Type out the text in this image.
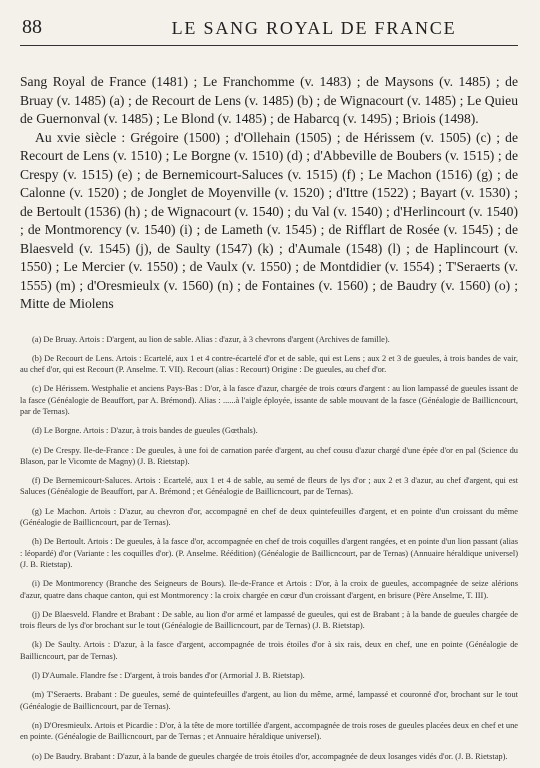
88	LE SANG ROYAL DE FRANCE

Sang Royal de France (1481) ; Le Franchomme (v. 1483) ; de Maysons (v. 1485) ; de Bruay (v. 1485) (a) ; de Recourt de Lens (v. 1485) (b) ; de Wignacourt (v. 1485) ; Le Quieu de Guernonval (v. 1485) ; Le Blond (v. 1485) ; de Habarcq (v. 1495) ; Briois (1498).

Au xvie siècle : Grégoire (1500) ; d'Ollehain (1505) ; de Hérissem (v. 1505) (c) ; de Recourt de Lens (v. 1510) ; Le Borgne (v. 1510) (d) ; d'Abbeville de Boubers (v. 1515) ; de Crespy (v. 1515) (e) ; de Bernemicourt-Saluces (v. 1515) (f) ; Le Machon (1516) (g) ; de Calonne (v. 1520) ; de Jonglet de Moyenville (v. 1520) ; d'Ittre (1522) ; Bayart (v. 1530) ; de Bertoult (1536) (h) ; de Wignacourt (v. 1540) ; du Val (v. 1540) ; d'Herlincourt (v. 1540) ; de Montmorency (v. 1540) (i) ; de Lameth (v. 1545) ; de Rifflart de Rosée (v. 1545) ; de Blaesveld (v. 1545) (j), de Saulty (1547) (k) ; d'Aumale (1548) (l) ; de Haplincourt (v. 1550) ; Le Mercier (v. 1550) ; de Vaulx (v. 1550) ; de Montdidier (v. 1554) ; T'Seraerts (v. 1555) (m) ; d'Oresmieulx (v. 1560) (n) ; de Fontaines (v. 1560) ; de Baudry (v. 1560) (o) ; Mitte de Miolens

(a) De Bruay. Artois : D'argent, au lion de sable. Alias : d'azur, à 3 chevrons d'argent (Archives de famille).

(b) De Recourt de Lens. Artois : Ecartelé, aux 1 et 4 contre-écartelé d'or et de sable, qui est Lens ; aux 2 et 3 de gueules, à trois bandes de vair, au chef d'or, qui est Recourt (P. Anselme. T. VII). Recourt (alias : Recourt) Origine : De gueules, au chef d'or.

(c) De Hérissem. Westphalie et anciens Pays-Bas : D'or, à la fasce d'azur, chargée de trois cœurs d'argent : au lion lampassé de gueules issant de la fasce (Généalogie de Beauffort, par A. Brémond). Alias : ......à l'aigle éployée, issante de sable mouvant de la fasce (Généalogie de Baillicncourt, par de Ternas).

(d) Le Borgne. Artois : D'azur, à trois bandes de gueules (Gœthals).

(e) De Crespy. Ile-de-France : De gueules, à une foi de carnation parée d'argent, au chef cousu d'azur chargé d'une épée d'or en pal (Science du Blason, par le Vicomte de Magny) (J. B. Rietstap).

(f) De Bernemicourt-Saluces. Artois : Ecartelé, aux 1 et 4 de sable, au semé de fleurs de lys d'or ; aux 2 et 3 d'azur, au chef d'argent, qui est Saluces (Généalogie de Beauffort, par A. Brémond ; et Généalogie de Baillicncourt, par de Ternas).

(g) Le Machon. Artois : D'azur, au chevron d'or, accompagné en chef de deux quintefeuilles d'argent, et en pointe d'un croissant du même (Généalogie de Baillicncourt, par de Ternas).

(h) De Bertoult. Artois : De gueules, à la fasce d'or, accompagnée en chef de trois coquilles d'argent rangées, et en pointe d'un lion passant (alias : léopardé) d'or (Variante : les coquilles d'or). (P. Anselme. Réédition) (Généalogie de Baillicncourt, par de Ternas) (Annuaire héraldique universel) (J. B. Rietstap).

(i) De Montmorency (Branche des Seigneurs de Bours). Ile-de-France et Artois : D'or, à la croix de gueules, accompagnée de seize alérions d'azur, quatre dans chaque canton, qui est Montmorency : la croix chargée en cœur d'un croissant d'argent, en brisure (Père Anselme, T. III).

(j) De Blaesveld. Flandre et Brabant : De sable, au lion d'or armé et lampassé de gueules, qui est de Brabant ; à la bande de gueules chargée de trois fleurs de lys d'or brochant sur le tout (Généalogie de Baillicncourt, par de Ternas) (J. B. Rietstap).

(k) De Saulty. Artois : D'azur, à la fasce d'argent, accompagnée de trois étoiles d'or à six rais, deux en chef, une en pointe (Généalogie de Baillicncourt, par de Ternas).

(l) D'Aumale. Flandre fse : D'argent, à trois bandes d'or (Armorial J. B. Rietstap).

(m) T'Seraerts. Brabant : De gueules, semé de quintefeuilles d'argent, au lion du même, armé, lampassé et couronné d'or, brochant sur le tout (Généalogie de Baillicncourt, par de Ternas).

(n) D'Oresmieulx. Artois et Picardie : D'or, à la tête de more tortillée d'argent, accompagnée de trois roses de gueules placées deux en chef et une en pointe. (Généalogie de Baillicncourt, par de Ternas ; et Annuaire héraldique universel).

(o) De Baudry. Brabant : D'azur, à la bande de gueules chargée de trois étoiles d'or, accompagnée de deux losanges vidés d'or. (J. B. Rietstap).
